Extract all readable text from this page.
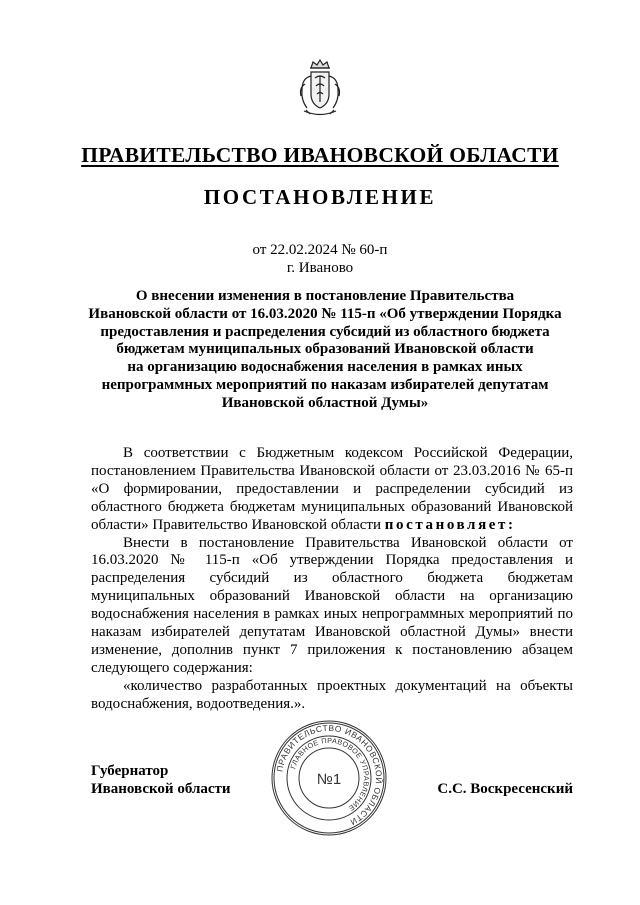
ПРАВИТЕЛЬСТВО ИВАНОВСКОЙ ОБЛАСТИ
ПОСТАНОВЛЕНИЕ
от 22.02.2024 № 60-п
г. Иваново
О внесении изменения в постановление Правительства
Ивановской области от 16.03.2020 № 115-п «Об утверждении Порядка
предоставления и распределения субсидий из областного бюджета
бюджетам муниципальных образований Ивановской области
на организацию водоснабжения населения в рамках иных
непрограммных мероприятий по наказам избирателей депутатам
Ивановской областной Думы»

В соответствии с Бюджетным кодексом Российской Федерации, постановлением Правительства Ивановской области от 23.03.2016 № 65-п «О формировании, предоставлении и распределении субсидий из областного бюджета бюджетам муниципальных образований Ивановской области» Правительство Ивановской области постановляет:

Внести в постановление Правительства Ивановской области от 16.03.2020 № 115-п «Об утверждении Порядка предоставления и распределения субсидий из областного бюджета бюджетам муниципальных образований Ивановской области на организацию водоснабжения населения в рамках иных непрограммных мероприятий по наказам избирателей депутатам Ивановской областной Думы» внести изменение, дополнив пункт 7 приложения к постановлению абзацем следующего содержания:

«количество разработанных проектных документаций на объекты водоснабжения, водоотведения.».

Губернатор
Ивановской области	С.С. Воскресенский
ПРАВИТЕЛЬСТВО ИВАНОВСКОЙ ОБЛАСТИ
ГЛАВНОЕ ПРАВОВОЕ УПРАВЛЕНИЕ
№1
